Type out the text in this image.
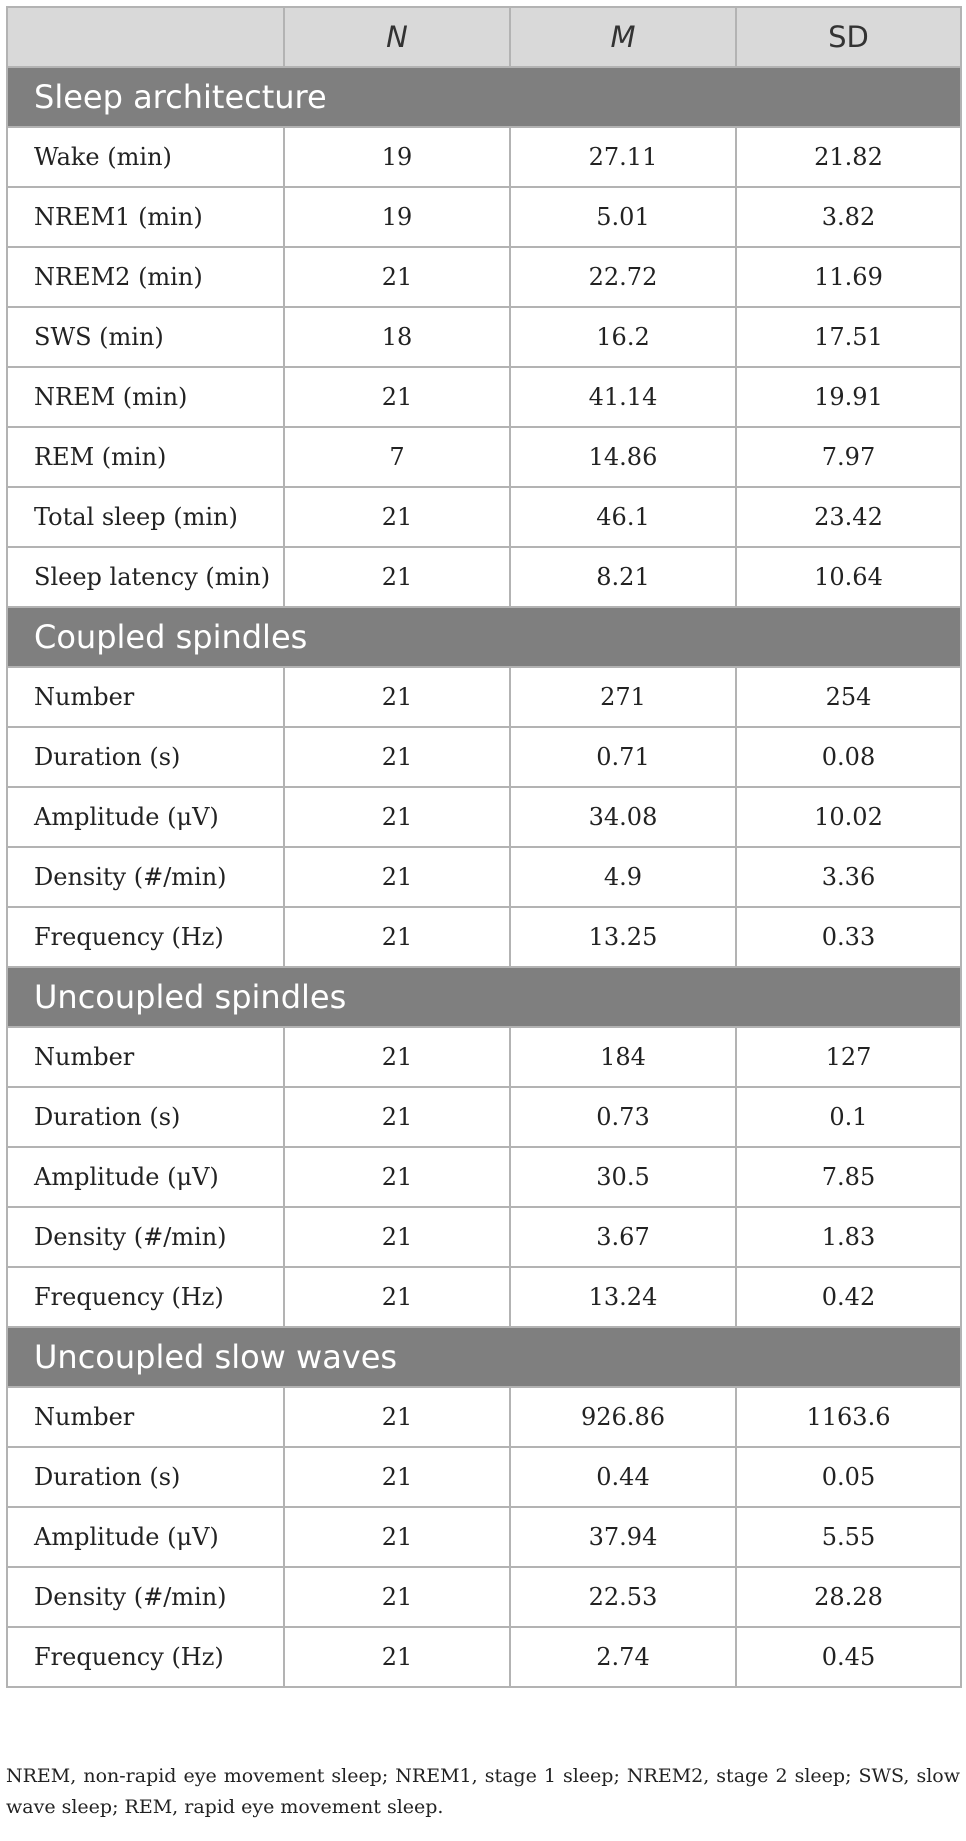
	N	M	SD
Sleep architecture			
Wake (min)	19	27.11	21.82
NREM1 (min)	19	5.01	3.82
NREM2 (min)	21	22.72	11.69
SWS (min)	18	16.2	17.51
NREM (min)	21	41.14	19.91
REM (min)	7	14.86	7.97
Total sleep (min)	21	46.1	23.42
Sleep latency (min)	21	8.21	10.64
Coupled spindles			
Number	21	271	254
Duration (s)	21	0.71	0.08
Amplitude (μV)	21	34.08	10.02
Density (#/min)	21	4.9	3.36
Frequency (Hz)	21	13.25	0.33
Uncoupled spindles			
Number	21	184	127
Duration (s)	21	0.73	0.1
Amplitude (μV)	21	30.5	7.85
Density (#/min)	21	3.67	1.83
Frequency (Hz)	21	13.24	0.42
Uncoupled slow waves			
Number	21	926.86	1163.6
Duration (s)	21	0.44	0.05
Amplitude (μV)	21	37.94	5.55
Density (#/min)	21	22.53	28.28
Frequency (Hz)	21	2.74	0.45
NREM, non-rapid eye movement sleep; NREM1, stage 1 sleep; NREM2, stage 2 sleep; SWS, slow wave sleep; REM, rapid eye movement sleep.
